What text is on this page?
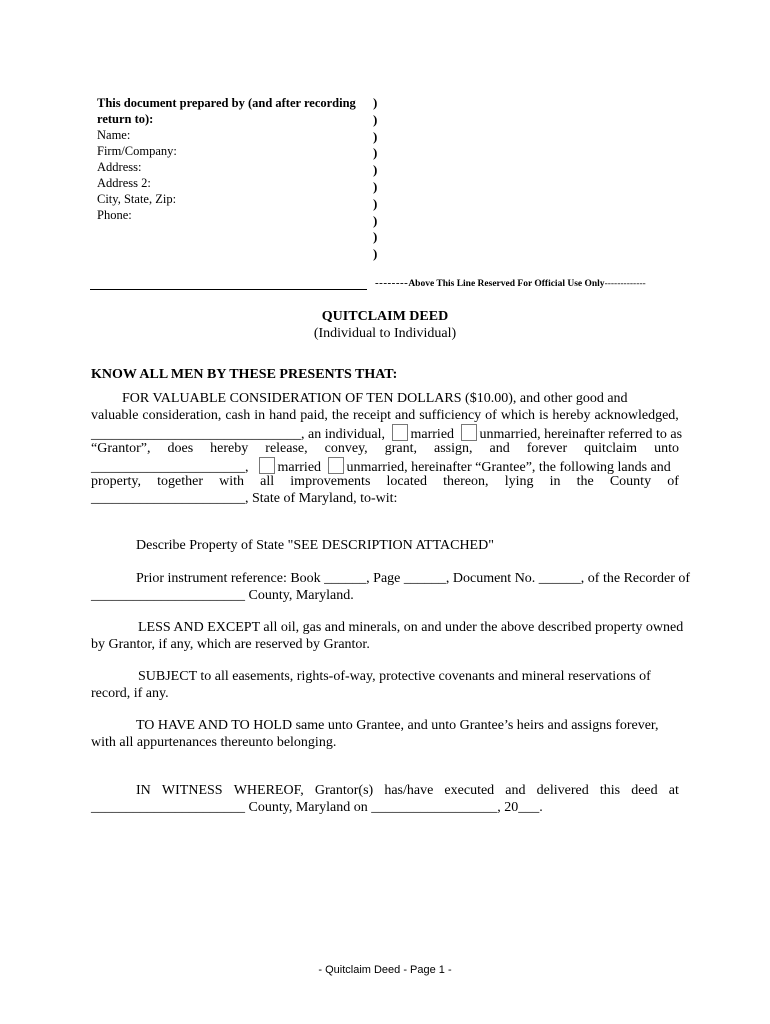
This document prepared by (and after recording
return to):
Name:
Firm/Company:
Address:
Address 2:
City, State, Zip:
Phone:
)
)
)
)
)
)
)
)
)
)
--------Above This Line Reserved For Official Use Only-------------
QUITCLAIM DEED
(Individual to Individual)
KNOW ALL MEN BY THESE PRESENTS THAT:
FOR VALUABLE CONSIDERATION OF TEN DOLLARS ($10.00), and other good and
valuable consideration, cash in hand paid, the receipt and sufficiency of which is hereby acknowledged,
______________________________, an individual, married unmarried, hereinafter referred to as
“Grantor”, does hereby release, convey, grant, assign, and forever quitclaim unto
______________________, married unmarried, hereinafter “Grantee”, the following lands and
property, together with all improvements located thereon, lying in the County of
______________________, State of Maryland, to-wit:
Describe Property of State "SEE DESCRIPTION ATTACHED"
Prior instrument reference: Book ______, Page ______, Document No. ______, of the Recorder of
______________________ County, Maryland.
LESS AND EXCEPT all oil, gas and minerals, on and under the above described property owned
by Grantor, if any, which are reserved by Grantor.
SUBJECT to all easements, rights-of-way, protective covenants and mineral reservations of
record, if any.
TO HAVE AND TO HOLD same unto Grantee, and unto Grantee’s heirs and assigns forever,
with all appurtenances thereunto belonging.
IN WITNESS WHEREOF, Grantor(s) has/have executed and delivered this deed at
______________________ County, Maryland on __________________, 20___.
- Quitclaim Deed - Page 1 -
